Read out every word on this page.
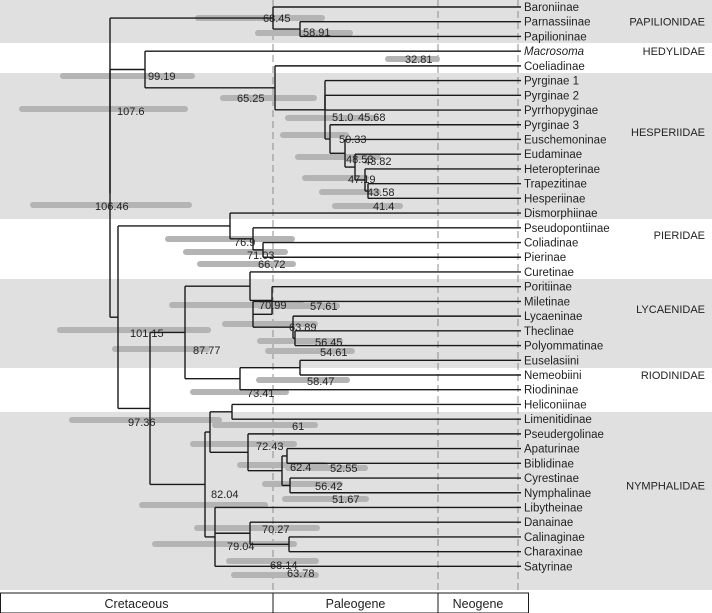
68.45
58.91
32.81
99.19
107.6
65.25
51.0 45.68
50.33
48.53
43.82
47.19
43.58
41.4
106.46
76.9
71.03
66.72
70.99 57.61
63.89
56.45
54.61
101.15
87.77
58.47
73.41
97.36	61
72.43
62.4 52.55
56.42
51.67
82.04
70.27
79.04
68.14
63.78
Baroniinae
Parnassiinae
Papilioninae
Macrosoma
Coeliadinae
Pyrginae 1
Pyrginae 2
Pyrrhopyginae
Pyrginae 3
Euschemoninae
Eudaminae
Heteropterinae
Trapezitinae
Hesperiinae
Dismorphiinae
Pseudopontiinae
Coliadinae
Pierinae
Curetinae
Poritiinae
Miletinae
Lycaeninae
Theclinae
Polyommatinae
Euselasiini
Nemeobiini
Riodininae
Heliconiinae
Limenitidinae
Pseudergolinae
Apaturinae
Biblidinae
Cyrestinae
Nymphalinae
Libytheinae
Danainae
Calinaginae
Charaxinae
Satyrinae
PAPILIONIDAE
HEDYLIDAE
HESPERIIDAE
PIERIDAE
LYCAENIDAE
RIODINIDAE
NYMPHALIDAE
Cretaceous	Paleogene	Neogene
